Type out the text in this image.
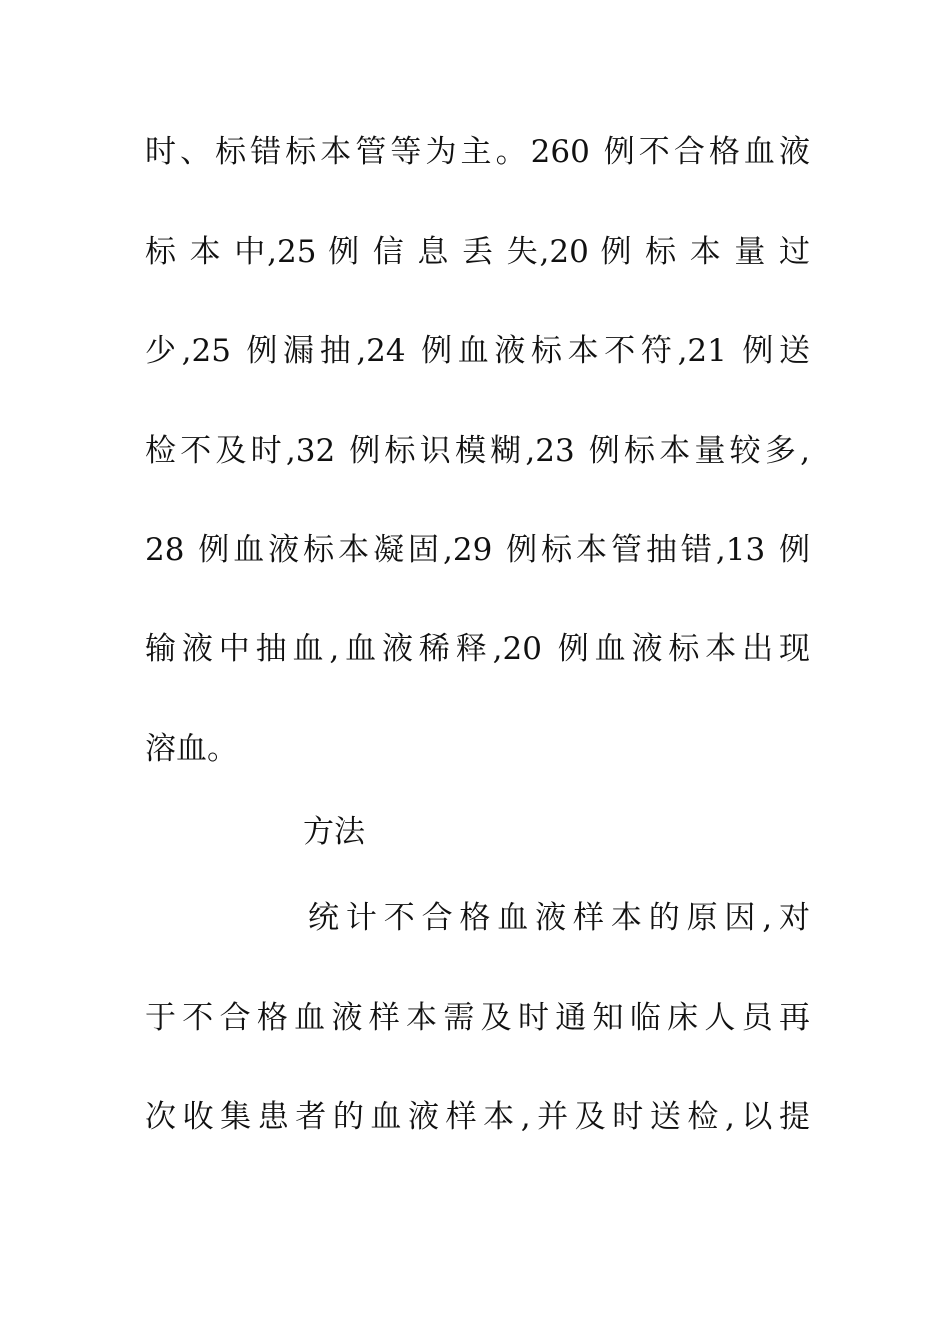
时、标错标本管等为主。260 例不合格血液
标 本 中,25 例 信 息 丢 失,20 例 标 本 量 过
少,25 例漏抽,24 例血液标本不符,21 例送
检不及时,32 例标识模糊,23 例标本量较多,
28 例血液标本凝固,29 例标本管抽错,13 例
输液中抽血,血液稀释,20 例血液标本出现
溶血。
方法
统计不合格血液样本的原因,对
于不合格血液样本需及时通知临床人员再
次收集患者的血液样本,并及时送检,以提
